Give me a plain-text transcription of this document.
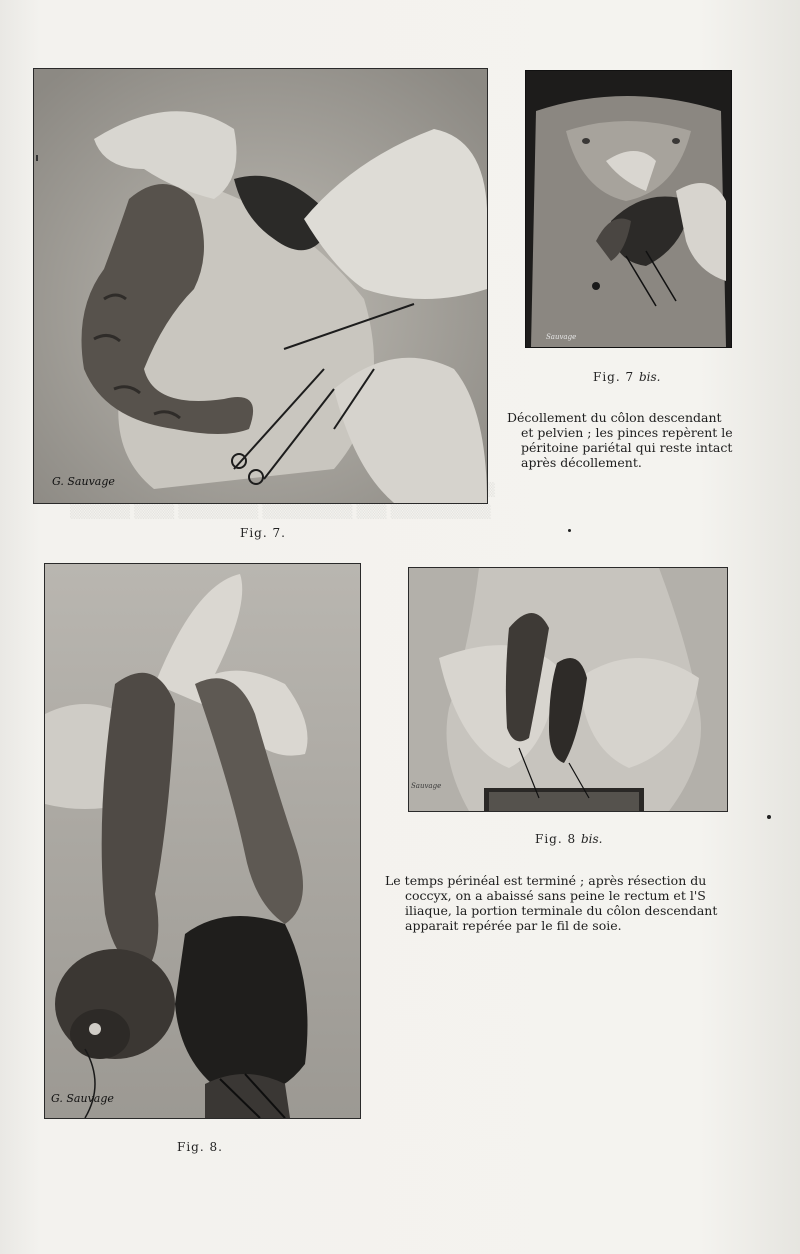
▒▒▒▒▒▒ ▒▒▒▒ ▒▒▒▒▒▒▒▒ ▒▒▒▒▒▒▒▒▒ ▒▒▒ ▒▒▒▒▒▒▒▒▒▒

G. Sauvage
Fig. 7.
Sauvage
Fig. 7 bis.

Décollement du côlon descendant

et pelvien ; les pinces repèrent le

péritoine pariétal qui reste intact

après décollement.

G. Sauvage
Fig. 8.
Sauvage
Fig. 8 bis.

Le temps périnéal est terminé ; après résection du

coccyx, on a abaissé sans peine le rectum et l'S

iliaque, la portion terminale du côlon descendant

apparait repérée par le fil de soie.
